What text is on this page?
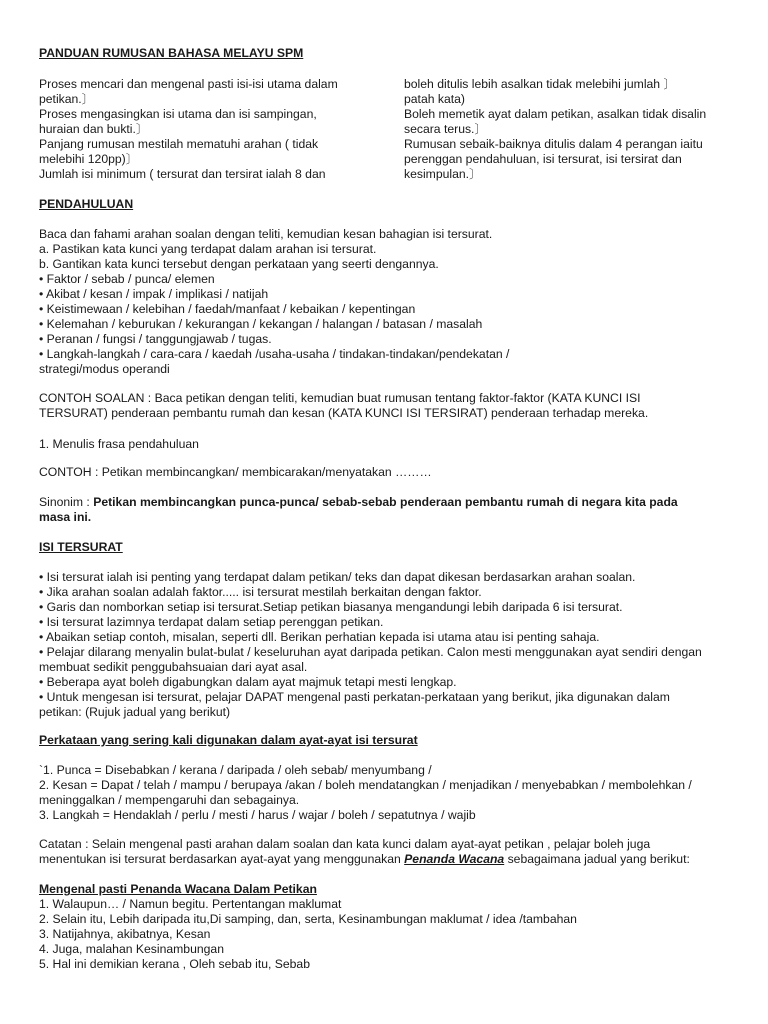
PANDUAN RUMUSAN BAHASA MELAYU SPM
Proses mencari dan mengenal pasti isi-isi utama dalam
petikan.〕
Proses mengasingkan isi utama dan isi sampingan,
huraian dan bukti.〕
Panjang rumusan mestilah mematuhi arahan ( tidak
melebihi 120pp)〕
Jumlah isi minimum ( tersurat dan tersirat ialah 8 dan
boleh ditulis lebih asalkan tidak melebihi jumlah 〕
patah kata)
Boleh memetik ayat dalam petikan, asalkan tidak disalin
secara terus.〕
Rumusan sebaik-baiknya ditulis dalam 4 perangan iaitu
perenggan pendahuluan, isi tersurat, isi tersirat dan
kesimpulan.〕
PENDAHULUAN
Baca dan fahami arahan soalan dengan teliti, kemudian kesan bahagian isi tersurat.
a. Pastikan kata kunci yang terdapat dalam arahan isi tersurat.
b. Gantikan kata kunci tersebut dengan perkataan yang seerti dengannya.
• Faktor / sebab / punca/ elemen
• Akibat / kesan / impak / implikasi / natijah
• Keistimewaan / kelebihan / faedah/manfaat / kebaikan / kepentingan
• Kelemahan / keburukan / kekurangan / kekangan / halangan / batasan / masalah
• Peranan / fungsi / tanggungjawab / tugas.
• Langkah-langkah / cara-cara / kaedah /usaha-usaha / tindakan-tindakan/pendekatan /
strategi/modus operandi
CONTOH SOALAN : Baca petikan dengan teliti, kemudian buat rumusan tentang faktor-faktor (KATA KUNCI ISI
TERSURAT) penderaan pembantu rumah dan kesan (KATA KUNCI ISI TERSIRAT) penderaan terhadap mereka.
1. Menulis frasa pendahuluan
CONTOH : Petikan membincangkan/ membicarakan/menyatakan ………
Sinonim : Petikan membincangkan punca-punca/ sebab-sebab penderaan pembantu rumah di negara kita pada
masa ini.
ISI TERSURAT
• Isi tersurat ialah isi penting yang terdapat dalam petikan/ teks dan dapat dikesan berdasarkan arahan soalan.
• Jika arahan soalan adalah faktor..... isi tersurat mestilah berkaitan dengan faktor.
• Garis dan nomborkan setiap isi tersurat.Setiap petikan biasanya mengandungi lebih daripada 6 isi tersurat.
• Isi tersurat lazimnya terdapat dalam setiap perenggan petikan.
• Abaikan setiap contoh, misalan, seperti dll. Berikan perhatian kepada isi utama atau isi penting sahaja.
• Pelajar dilarang menyalin bulat-bulat / keseluruhan ayat daripada petikan. Calon mesti menggunakan ayat sendiri dengan
membuat sedikit penggubahsuaian dari ayat asal.
• Beberapa ayat boleh digabungkan dalam ayat majmuk tetapi mesti lengkap.
• Untuk mengesan isi tersurat, pelajar DAPAT mengenal pasti perkatan-perkataan yang berikut, jika digunakan dalam
petikan: (Rujuk jadual yang berikut)
Perkataan yang sering kali digunakan dalam ayat-ayat isi tersurat
`1. Punca = Disebabkan / kerana / daripada / oleh sebab/ menyumbang /
2. Kesan = Dapat / telah / mampu / berupaya /akan / boleh mendatangkan / menjadikan / menyebabkan / membolehkan /
meninggalkan / mempengaruhi dan sebagainya.
3. Langkah = Hendaklah / perlu / mesti / harus / wajar / boleh / sepatutnya / wajib
Catatan : Selain mengenal pasti arahan dalam soalan dan kata kunci dalam ayat-ayat petikan , pelajar boleh juga
menentukan isi tersurat berdasarkan ayat-ayat yang menggunakan Penanda Wacana sebagaimana jadual yang berikut:
Mengenal pasti Penanda Wacana Dalam Petikan
1. Walaupun… / Namun begitu. Pertentangan maklumat
2. Selain itu, Lebih daripada itu,Di samping, dan, serta, Kesinambungan maklumat / idea /tambahan
3. Natijahnya, akibatnya, Kesan
4. Juga, malahan Kesinambungan
5. Hal ini demikian kerana , Oleh sebab itu, Sebab
